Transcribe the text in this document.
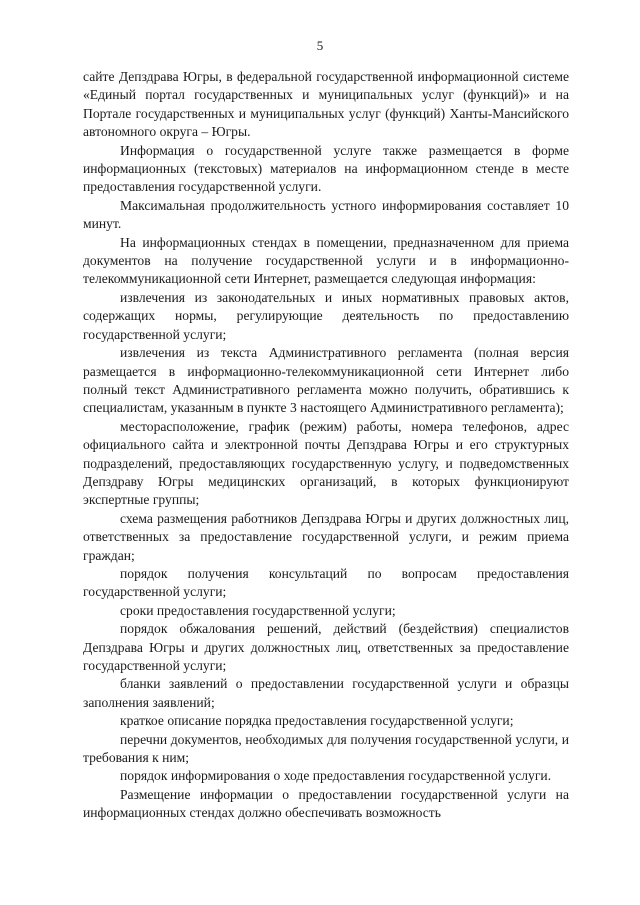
5

сайте Депздрава Югры, в федеральной государственной информационной системе «Единый портал государственных и муниципальных услуг (функций)» и на Портале государственных и муниципальных услуг (функций) Ханты-Мансийского автономного округа – Югры.

Информация о государственной услуге также размещается в форме информационных (текстовых) материалов на информационном стенде в месте предоставления государственной услуги.

Максимальная продолжительность устного информирования составляет 10 минут.

На информационных стендах в помещении, предназначенном для приема документов на получение государственной услуги и в информационно-телекоммуникационной сети Интернет, размещается следующая информация:

извлечения из законодательных и иных нормативных правовых актов, содержащих нормы, регулирующие деятельность по предоставлению государственной услуги;

извлечения из текста Административного регламента (полная версия размещается в информационно-телекоммуникационной сети Интернет либо полный текст Административного регламента можно получить, обратившись к специалистам, указанным в пункте 3 настоящего Административного регламента);

месторасположение, график (режим) работы, номера телефонов, адрес официального сайта и электронной почты Депздрава Югры и его структурных подразделений, предоставляющих государственную услугу, и подведомственных Депздраву Югры медицинских организаций, в которых функционируют экспертные группы;

схема размещения работников Депздрава Югры и других должностных лиц, ответственных за предоставление государственной услуги, и режим приема граждан;

порядок получения консультаций по вопросам предоставления государственной услуги;

сроки предоставления государственной услуги;

порядок обжалования решений, действий (бездействия) специалистов Депздрава Югры и других должностных лиц, ответственных за предоставление государственной услуги;

бланки заявлений о предоставлении государственной услуги и образцы заполнения заявлений;

краткое описание порядка предоставления государственной услуги;

перечни документов, необходимых для получения государственной услуги, и требования к ним;

порядок информирования о ходе предоставления государственной услуги.

Размещение информации о предоставлении государственной услуги на информационных стендах должно обеспечивать возможность
